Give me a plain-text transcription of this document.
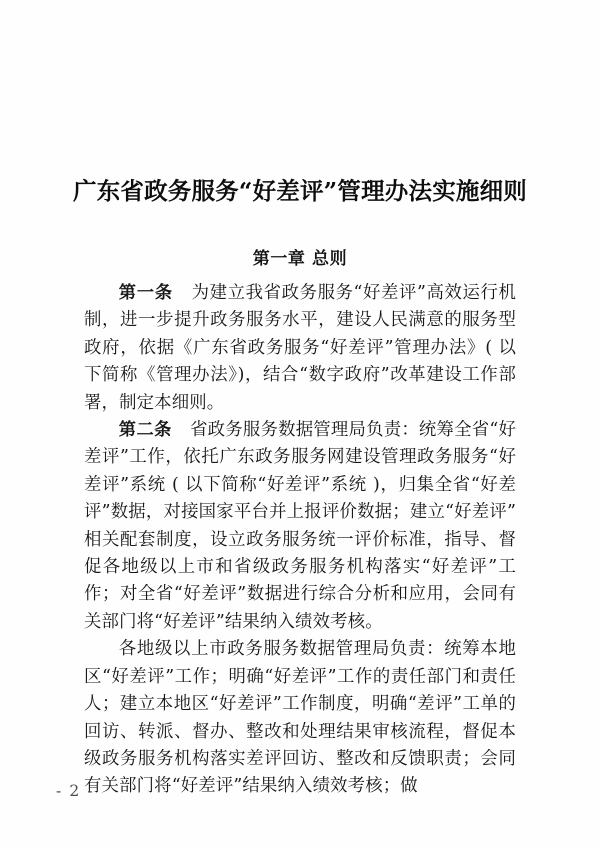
广东省政务服务“好差评”管理办法实施细则
第一章 总则

第一条 为建立我省政务服务“好差评”高效运行机制，进一步提升政务服务水平，建设人民满意的服务型政府，依据《广东省政务服务“好差评”管理办法》( 以下简称《管理办法》)，结合“数字政府”改革建设工作部署，制定本细则。

第二条 省政务服务数据管理局负责：统筹全省“好差评”工作，依托广东政务服务网建设管理政务服务“好差评”系统 ( 以下简称“好差评”系统 )，归集全省“好差评”数据，对接国家平台并上报评价数据；建立“好差评”相关配套制度，设立政务服务统一评价标准，指导、督促各地级以上市和省级政务服务机构落实“好差评”工作；对全省“好差评”数据进行综合分析和应用，会同有关部门将“好差评”结果纳入绩效考核。

各地级以上市政务服务数据管理局负责：统筹本地区“好差评”工作；明确“好差评”工作的责任部门和责任人；建立本地区“好差评”工作制度，明确“差评”工单的回访、转派、督办、整改和处理结果审核流程，督促本级政务服务机构落实差评回访、整改和反馈职责；会同有关部门将“好差评”结果纳入绩效考核；做

- 2 -
